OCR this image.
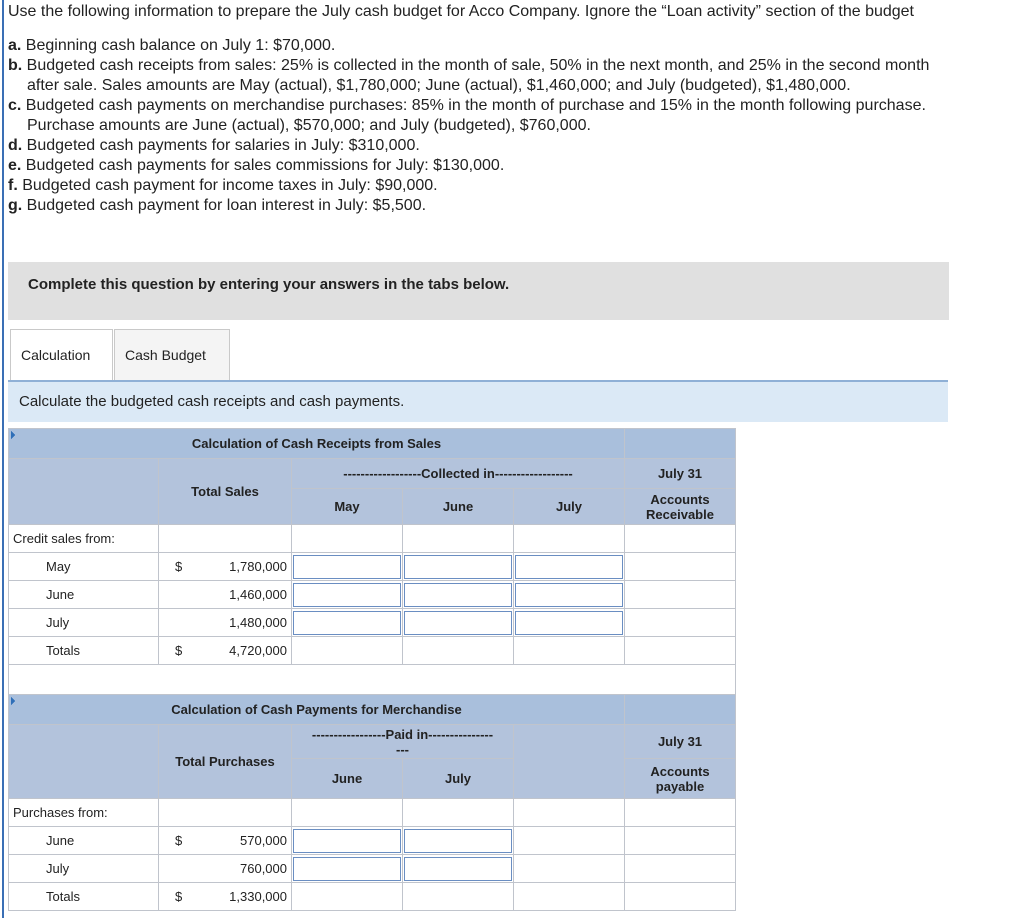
Use the following information to prepare the July cash budget for Acco Company. Ignore the “Loan activity” section of the budget

a. Beginning cash balance on July 1: $70,000.

b. Budgeted cash receipts from sales: 25% is collected in the month of sale, 50% in the next month, and 25% in the second month
after sale. Sales amounts are May (actual), $1,780,000; June (actual), $1,460,000; and July (budgeted), $1,480,000.

c. Budgeted cash payments on merchandise purchases: 85% in the month of purchase and 15% in the month following purchase.
Purchase amounts are June (actual), $570,000; and July (budgeted), $760,000.

d. Budgeted cash payments for salaries in July: $310,000.

e. Budgeted cash payments for sales commissions for July: $130,000.

f. Budgeted cash payment for income taxes in July: $90,000.

g. Budgeted cash payment for loan interest in July: $5,500.

Complete this question by entering your answers in the tabs below.
Calculation	Cash Budget
Calculate the budgeted cash receipts and cash payments.
Calculation of Cash Receipts from Sales					
	Total Sales	------------------Collected in------------------			July 31
		May	June	July	Accounts
Receivable
Credit sales from:					
May	$ 1,780,000

June	1,460,000

July	1,480,000

Totals	$ 4,720,000				

Calculation of Cash Payments for Merchandise					
	Total Purchases	-----------------Paid in---------------
---			July 31
		June	July		Accounts
payable
Purchases from:					
June	$ 570,000

July	760,000

Totals	$ 1,330,000				
